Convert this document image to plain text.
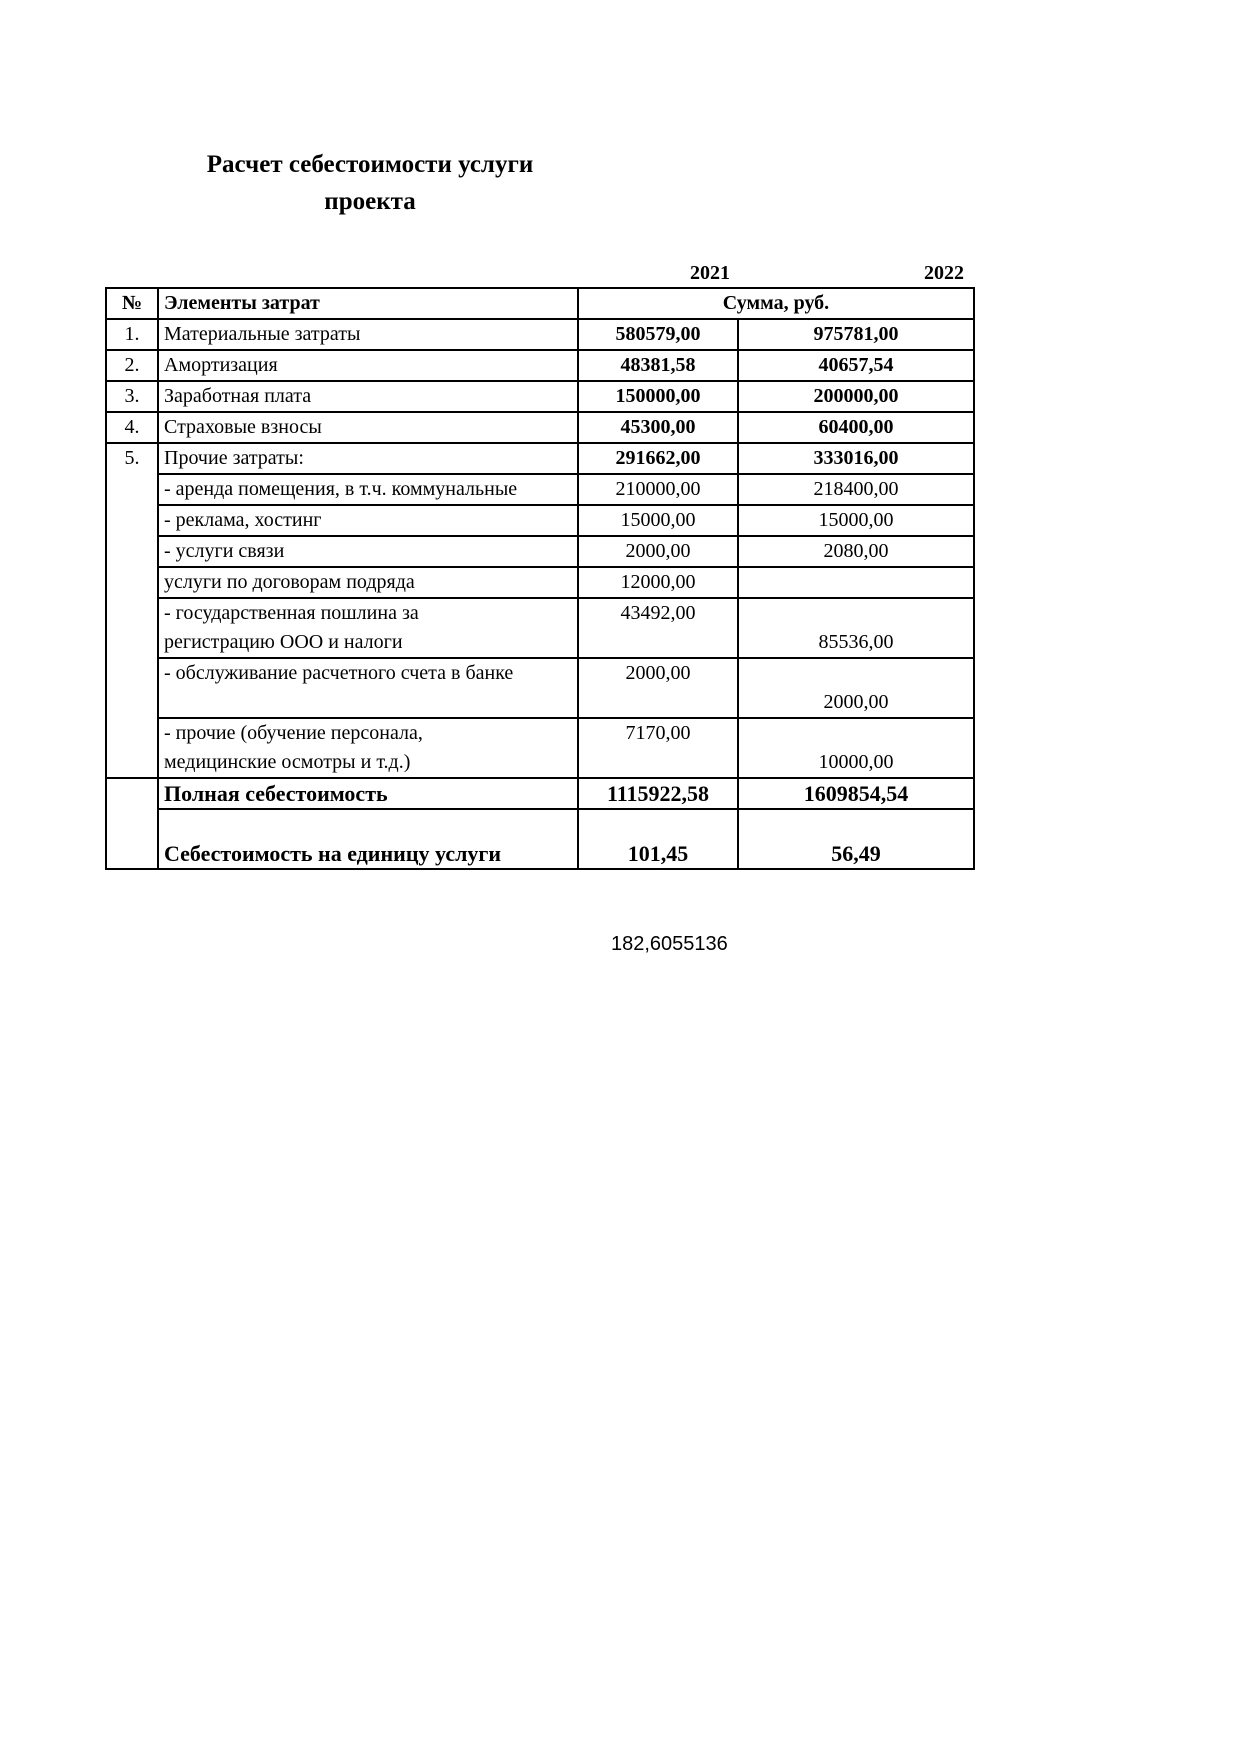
Расчет себестоимости услуги
проекта
2021	2022
№	Элементы затрат	Сумма, руб.	
1.	Материальные затраты	580579,00	975781,00
2.	Амортизация	48381,58	40657,54
3.	Заработная плата	150000,00	200000,00
4.	Страховые взносы	45300,00	60400,00
5.	Прочие затраты:	291662,00	333016,00
	- аренда помещения, в т.ч. коммунальные	210000,00	218400,00
	- реклама, хостинг	15000,00	15000,00
	- услуги связи	2000,00	2080,00
	услуги по договорам подряда	12000,00	

	- государственная пошлина за
регистрацию ООО и налоги	43492,00	85536,00

	- обслуживание расчетного счета в банке	2000,00	2000,00

	- прочие (обучение персонала,
медицинские осмотры и т.д.)	7170,00	10000,00

	Полная себестоимость	1115922,58	1609854,54
	Себестоимость на единицу услуги	101,45	56,49
182,6055136
